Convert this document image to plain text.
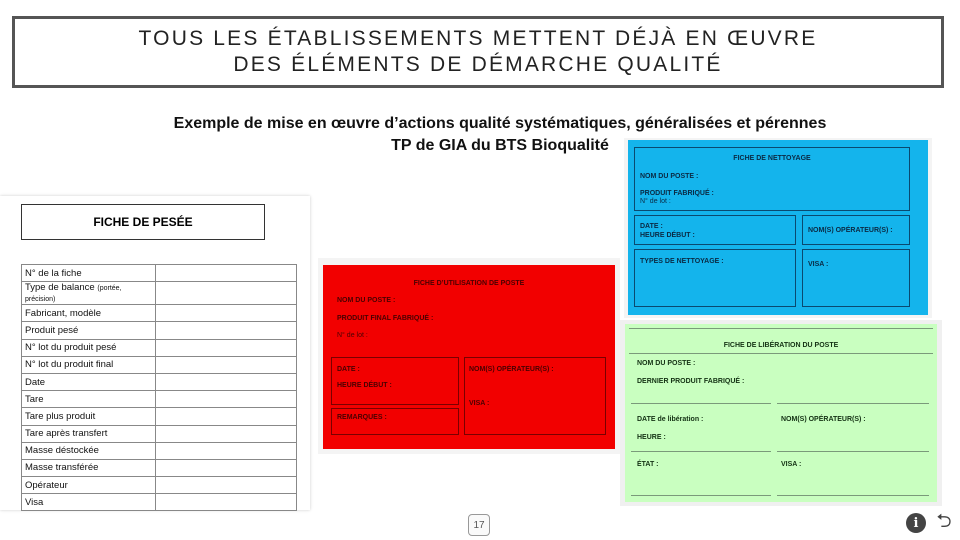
TOUS LES ÉTABLISSEMENTS METTENT DÉJÀ EN ŒUVRE
DES ÉLÉMENTS DE DÉMARCHE QUALITÉ
Exemple de mise en œuvre d’actions qualité systématiques, généralisées et pérennes
TP de GIA du BTS Bioqualité
FICHE DE PESÉE
N° de la fiche	
Type de balance (portée, précision)	
Fabricant, modèle	
Produit pesé	
N° lot du produit pesé	
N° lot du produit final	
Date	
Tare	
Tare plus produit	
Tare après transfert	
Masse déstockée	
Masse transférée	
Opérateur	
Visa	
FICHE D’UTILISATION DE POSTE
NOM DU POSTE :
PRODUIT FINAL FABRIQUÉ :
N° de lot :
DATE :
HEURE DÉBUT :
NOM(S) OPÉRATEUR(S) :
VISA :
REMARQUES :
FICHE DE NETTOYAGE
NOM DU POSTE :
PRODUIT FABRIQUÉ :
N° de lot :
DATE :
HEURE DÉBUT :
NOM(S) OPÉRATEUR(S) :
TYPES DE NETTOYAGE :	VISA :
FICHE DE LIBÉRATION DU POSTE
NOM DU POSTE :
DERNIER PRODUIT FABRIQUÉ :
DATE de libération :	NOM(S) OPÉRATEUR(S) :
HEURE :
ÉTAT :	VISA :
17	i ⮌
